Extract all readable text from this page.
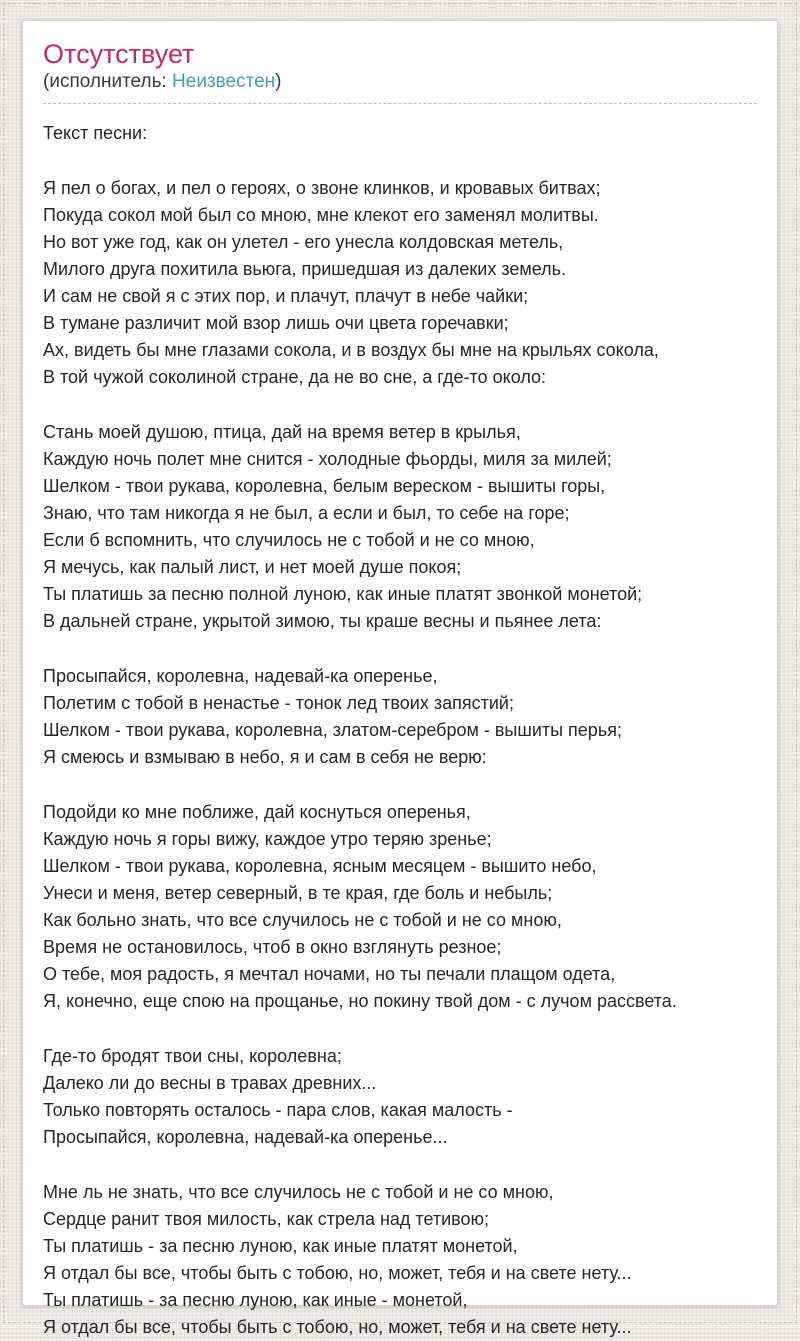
Отсутствует
(исполнитель: Неизвестен)

Текст песни:

Я пел о богах, и пел о героях, о звоне клинков, и кровавых битвах;
Покуда сокол мой был со мною, мне клекот его заменял молитвы.
Но вот уже год, как он улетел - его унесла колдовская метель,
Милого друга похитила вьюга, пришедшая из далеких земель.
И сам не свой я с этих пор, и плачут, плачут в небе чайки;
В тумане различит мой взор лишь очи цвета горечавки;
Ах, видеть бы мне глазами сокола, и в воздух бы мне на крыльях сокола,
В той чужой соколиной стране, да не во сне, а где-то около:

Стань моей душою, птица, дай на время ветер в крылья,
Каждую ночь полет мне снится - холодные фьорды, миля за милей;
Шелком - твои рукава, королевна, белым вереском - вышиты горы,
Знаю, что там никогда я не был, а если и был, то себе на горе;
Если б вспомнить, что случилось не с тобой и не со мною,
Я мечусь, как палый лист, и нет моей душе покоя;
Ты платишь за песню полной луною, как иные платят звонкой монетой;
В дальней стране, укрытой зимою, ты краше весны и пьянее лета:

Просыпайся, королевна, надевай-ка оперенье,
Полетим с тобой в ненастье - тонок лед твоих запястий;
Шелком - твои рукава, королевна, златом-серебром - вышиты перья;
Я смеюсь и взмываю в небо, я и сам в себя не верю:

Подойди ко мне поближе, дай коснуться оперенья,
Каждую ночь я горы вижу, каждое утро теряю зренье;
Шелком - твои рукава, королевна, ясным месяцем - вышито небо,
Унеси и меня, ветер северный, в те края, где боль и небыль;
Как больно знать, что все случилось не с тобой и не со мною,
Время не остановилось, чтоб в окно взглянуть резное;
О тебе, моя радость, я мечтал ночами, но ты печали плащом одета,
Я, конечно, еще спою на прощанье, но покину твой дом - с лучом рассвета.

Где-то бродят твои сны, королевна;
Далеко ли до весны в травах древних...
Только повторять осталось - пара слов, какая малость -
Просыпайся, королевна, надевай-ка оперенье...

Мне ль не знать, что все случилось не с тобой и не со мною,
Сердце ранит твоя милость, как стрела над тетивою;
Ты платишь - за песню луною, как иные платят монетой,
Я отдал бы все, чтобы быть с тобою, но, может, тебя и на свете нету...
Ты платишь - за песню луною, как иные - монетой,
Я отдал бы все, чтобы быть с тобою, но, может, тебя и на свете нету...
